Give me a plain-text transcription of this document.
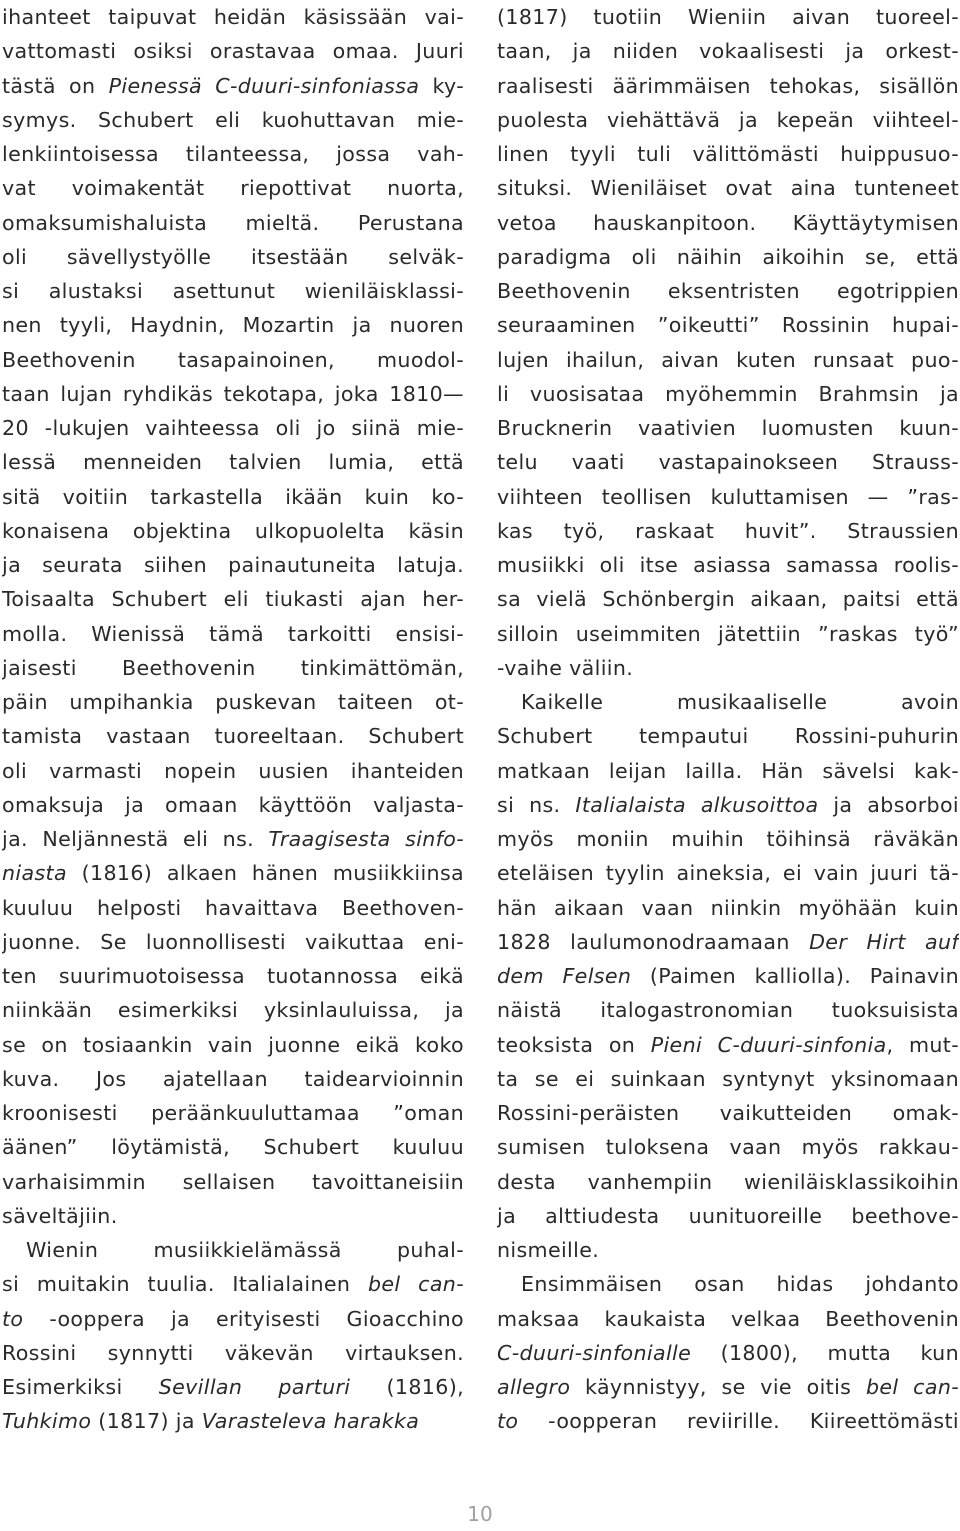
ihanteet taipuvat heidän käsissään vai-
vattomasti osiksi orastavaa omaa. Juuri
tästä on Pienessä C-duuri-sinfoniassa ky-
symys. Schubert eli kuohuttavan mie-
lenkiintoisessa tilanteessa, jossa vah-
vat voimakentät riepottivat nuorta,
omaksumishaluista mieltä. Perustana
oli sävellystyölle itsestään selväk-
si alustaksi asettunut wieniläisklassi-
nen tyyli, Haydnin, Mozartin ja nuoren
Beethovenin tasapainoinen, muodol-
taan lujan ryhdikäs tekotapa, joka 1810—
20 -lukujen vaihteessa oli jo siinä mie-
lessä menneiden talvien lumia, että
sitä voitiin tarkastella ikään kuin ko-
konaisena objektina ulkopuolelta käsin
ja seurata siihen painautuneita latuja.
Toisaalta Schubert eli tiukasti ajan her-
molla. Wienissä tämä tarkoitti ensisi-
jaisesti Beethovenin tinkimättömän,
päin umpihankia puskevan taiteen ot-
tamista vastaan tuoreeltaan. Schubert
oli varmasti nopein uusien ihanteiden
omaksuja ja omaan käyttöön valjasta-
ja. Neljännestä eli ns. Traagisesta sinfo-
niasta (1816) alkaen hänen musiikkiinsa
kuuluu helposti havaittava Beethoven-
juonne. Se luonnollisesti vaikuttaa eni-
ten suurimuotoisessa tuotannossa eikä
niinkään esimerkiksi yksinlauluissa, ja
se on tosiaankin vain juonne eikä koko
kuva. Jos ajatellaan taidearvioinnin
kroonisesti peräänkuuluttamaa ”oman
äänen” löytämistä, Schubert kuuluu
varhaisimmin sellaisen tavoittaneisiin
säveltäjiin.
Wienin musiikkielämässä puhal-
si muitakin tuulia. Italialainen bel can-
to -ooppera ja erityisesti Gioacchino
Rossini synnytti väkevän virtauksen.
Esimerkiksi Sevillan parturi (1816),
Tuhkimo (1817) ja Varasteleva harakka
(1817) tuotiin Wieniin aivan tuoreel-
taan, ja niiden vokaalisesti ja orkest-
raalisesti äärimmäisen tehokas, sisällön
puolesta viehättävä ja kepeän viihteel-
linen tyyli tuli välittömästi huippusuo-
situksi. Wieniläiset ovat aina tunteneet
vetoa hauskanpitoon. Käyttäytymisen
paradigma oli näihin aikoihin se, että
Beethovenin eksentristen egotrippien
seuraaminen ”oikeutti” Rossinin hupai-
lujen ihailun, aivan kuten runsaat puo-
li vuosisataa myöhemmin Brahmsin ja
Brucknerin vaativien luomusten kuun-
telu vaati vastapainokseen Strauss-
viihteen teollisen kuluttamisen — ”ras-
kas työ, raskaat huvit”. Straussien
musiikki oli itse asiassa samassa roolis-
sa vielä Schönbergin aikaan, paitsi että
silloin useimmiten jätettiin ”raskas työ”
-vaihe väliin.
Kaikelle musikaaliselle avoin
Schubert tempautui Rossini-puhurin
matkaan leijan lailla. Hän sävelsi kak-
si ns. Italialaista alkusoittoa ja absorboi
myös moniin muihin töihinsä räväkän
eteläisen tyylin aineksia, ei vain juuri tä-
hän aikaan vaan niinkin myöhään kuin
1828 laulumonodraamaan Der Hirt auf
dem Felsen (Paimen kalliolla). Painavin
näistä italogastronomian tuoksuisista
teoksista on Pieni C-duuri-sinfonia, mut-
ta se ei suinkaan syntynyt yksinomaan
Rossini-peräisten vaikutteiden omak-
sumisen tuloksena vaan myös rakkau-
desta vanhempiin wieniläisklassikoihin
ja alttiudesta uunituoreille beethove-
nismeille.
Ensimmäisen osan hidas johdanto
maksaa kaukaista velkaa Beethovenin
C-duuri-sinfonialle (1800), mutta kun
allegro käynnistyy, se vie oitis bel can-
to -oopperan reviirille. Kiireettömästi
10
